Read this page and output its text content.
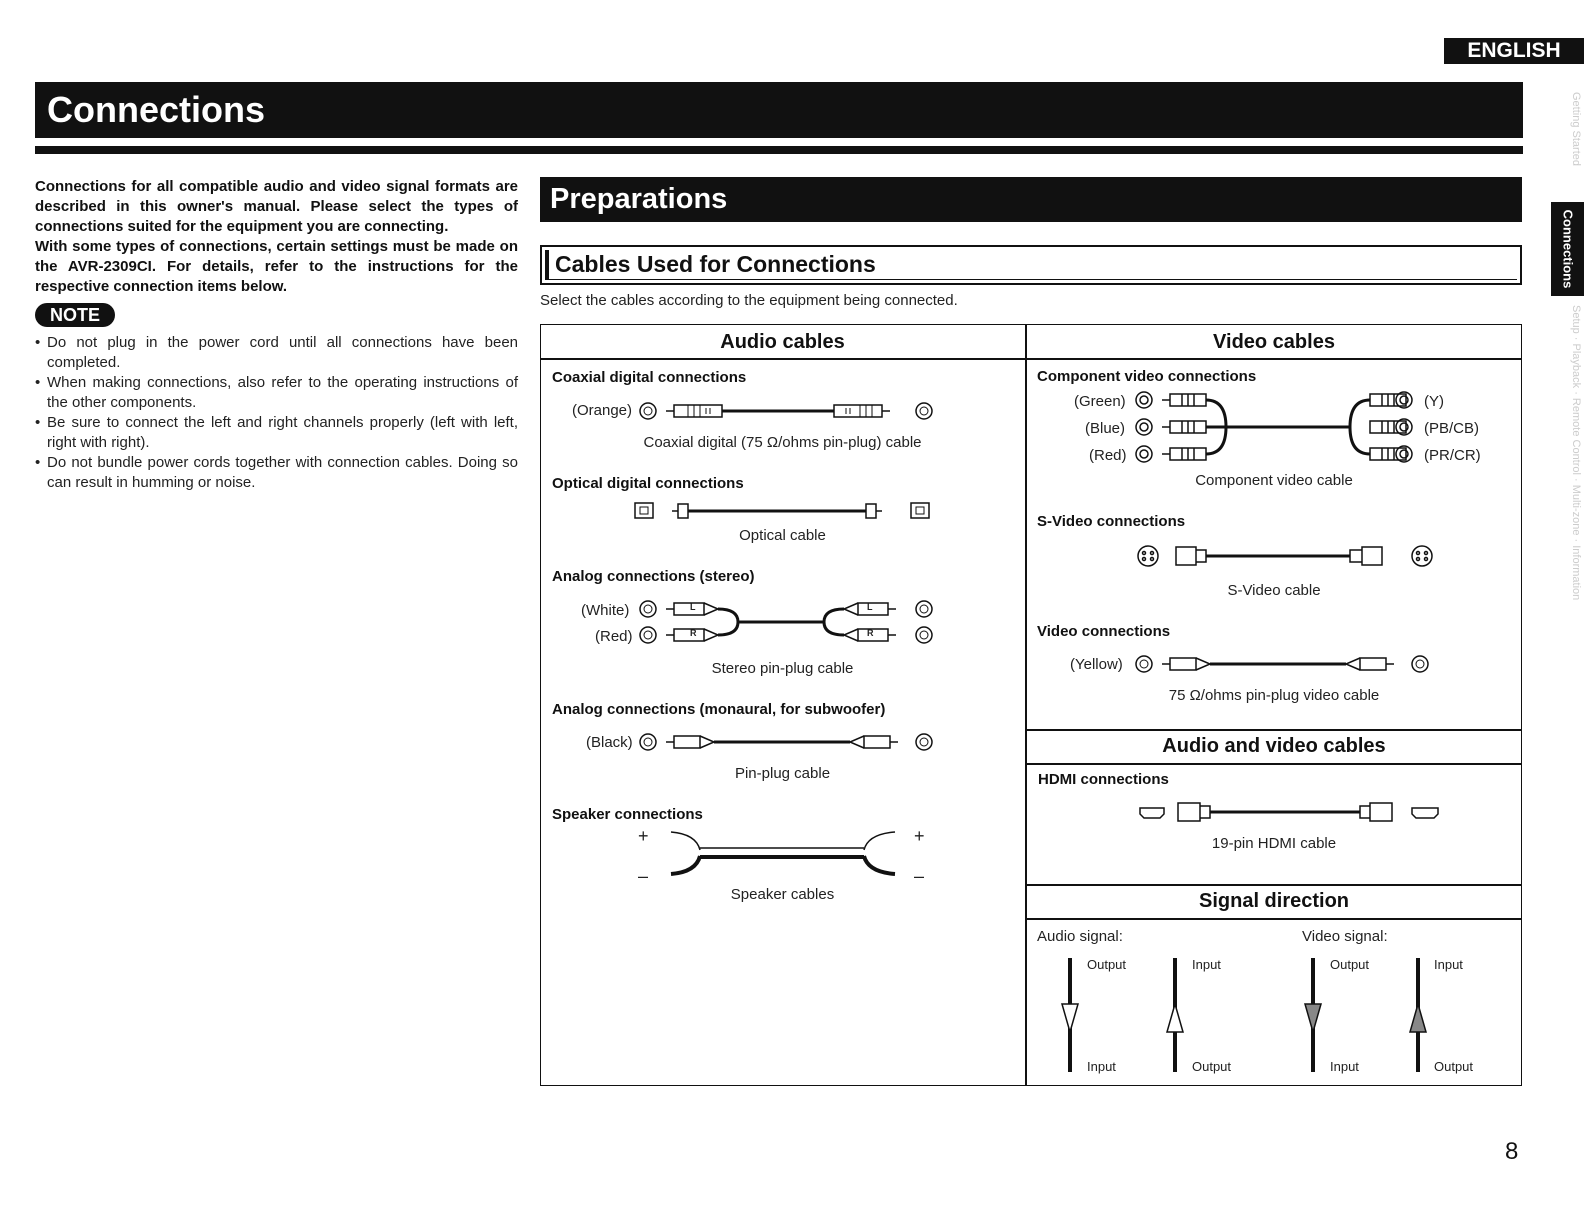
ENGLISH
Connections	Getting Started
Connections
Setup · Playback · Remote Control · Multi-zone · Information

Connections for all compatible audio and video signal formats are described in this owner's manual. Please select the types of connections suited for the equipment you are connecting.

With some types of connections, certain settings must be made on the AVR-2309CI. For details, refer to the instructions for the respective connection items below.

NOTE
• Do not plug in the power cord until all connections have been completed.
• When making connections, also refer to the operating instructions of the other components.
• Be sure to connect the left and right channels properly (left with left, right with right).
• Do not bundle power cords together with connection cables. Doing so can result in humming or noise.
Preparations
Cables Used for Connections
Select the cables according to the equipment being connected.
Audio cables	Video cables
Audio and video cables
Signal direction
Coaxial digital connections
(Orange)
Coaxial digital (75 Ω/ohms pin-plug) cable
Optical digital connections
Optical cable
Analog connections (stereo)
(White)
(Red)
L
R
L
R
Stereo pin-plug cable
Analog connections (monaural, for subwoofer)
(Black)
Pin-plug cable
Speaker connections
+
–
+
–
Speaker cables
Component video connections
(Green)
(Blue)
(Red)
(Y)
(PB/CB)
(PR/CR)
Component video cable
S-Video connections
S-Video cable
Video connections
(Yellow)
75 Ω/ohms pin-plug video cable
HDMI connections
19-pin HDMI cable
Audio signal:	Video signal:
Output
Input
Input
Output
Output
Input
Input
Output
8
